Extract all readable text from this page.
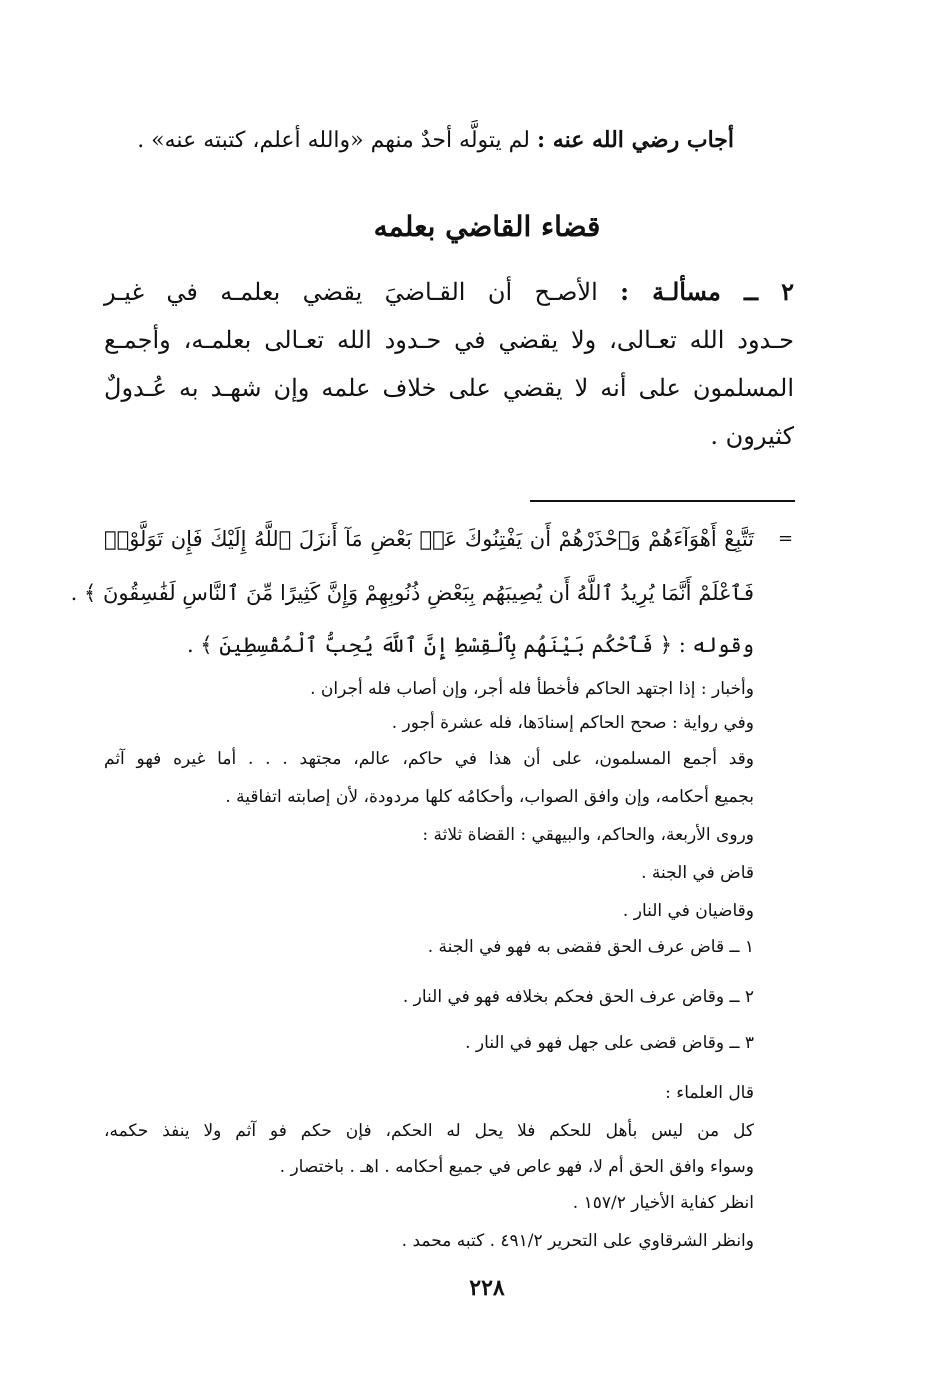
أجاب رضي الله عنه : لم يتولَّه أحدٌ منهم «والله أعلم، كتبته عنه» .
قضاء القاضي بعلمه
٢ ــ مسألـة : الأصـح أن القـاضيَ يقضي بعلمـه في غيـر
حـدود الله تعـالى، ولا يقضي في حـدود الله تعـالى بعلمـه، وأجمـع
المسلمون على أنه لا يقضي على خلاف علمه وإن شهـد به عُـدولٌ
كثيرون .
=
تَتَّبِعْ أَهْوَآءَهُمْ وَٱحْذَرْهُمْ أَن يَفْتِنُوكَ عَنۢ بَعْضِ مَآ أَنزَلَ ٱللَّهُ إِلَيْكَ فَإِن تَوَلَّوْا۟
فَٱعْلَمْ أَنَّمَا يُرِيدُ ٱللَّهُ أَن يُصِيبَهُم بِبَعْضِ ذُنُوبِهِمْ وَإِنَّ كَثِيرًا مِّنَ ٱلنَّاسِ لَفَٰسِقُونَ ﴾ .
وقوله : ﴿ فَٱحْكُم بَيْنَهُم بِٱلْقِسْطِ إِنَّ ٱللَّهَ يُحِبُّ ٱلْمُقْسِطِينَ ﴾ .
وأخبار : إذا اجتهد الحاكم فأخطأ فله أجر، وإن أصاب فله أجران .
وفي رواية : صحح الحاكم إسنادَها، فله عشرة أجور .
وقد أجمع المسلمون، على أن هذا في حاكم، عالم، مجتهد . . . أما غيره فهو آثم
بجميع أحكامه، وإن وافق الصواب، وأحكامُه كلها مردودة، لأن إصابته اتفاقية .
وروى الأربعة، والحاكم، والبيهقي : القضاة ثلاثة :
قاض في الجنة .
وقاضيان في النار .
١ ــ قاض عرف الحق فقضى به فهو في الجنة .
٢ ــ وقاض عرف الحق فحكم بخلافه فهو في النار .
٣ ــ وقاض قضى على جهل فهو في النار .
قال العلماء :
كل من ليس بأهل للحكم فلا يحل له الحكم، فإن حكم فو آثم ولا ينفذ حكمه،
وسواء وافق الحق أم لا، فهو عاص في جميع أحكامه . اهـ . باختصار .
انظر كفاية الأخيار ١٥٧/٢ .
وانظر الشرقاوي على التحرير ٤٩١/٢ . كتبه محمد .
٢٢٨
